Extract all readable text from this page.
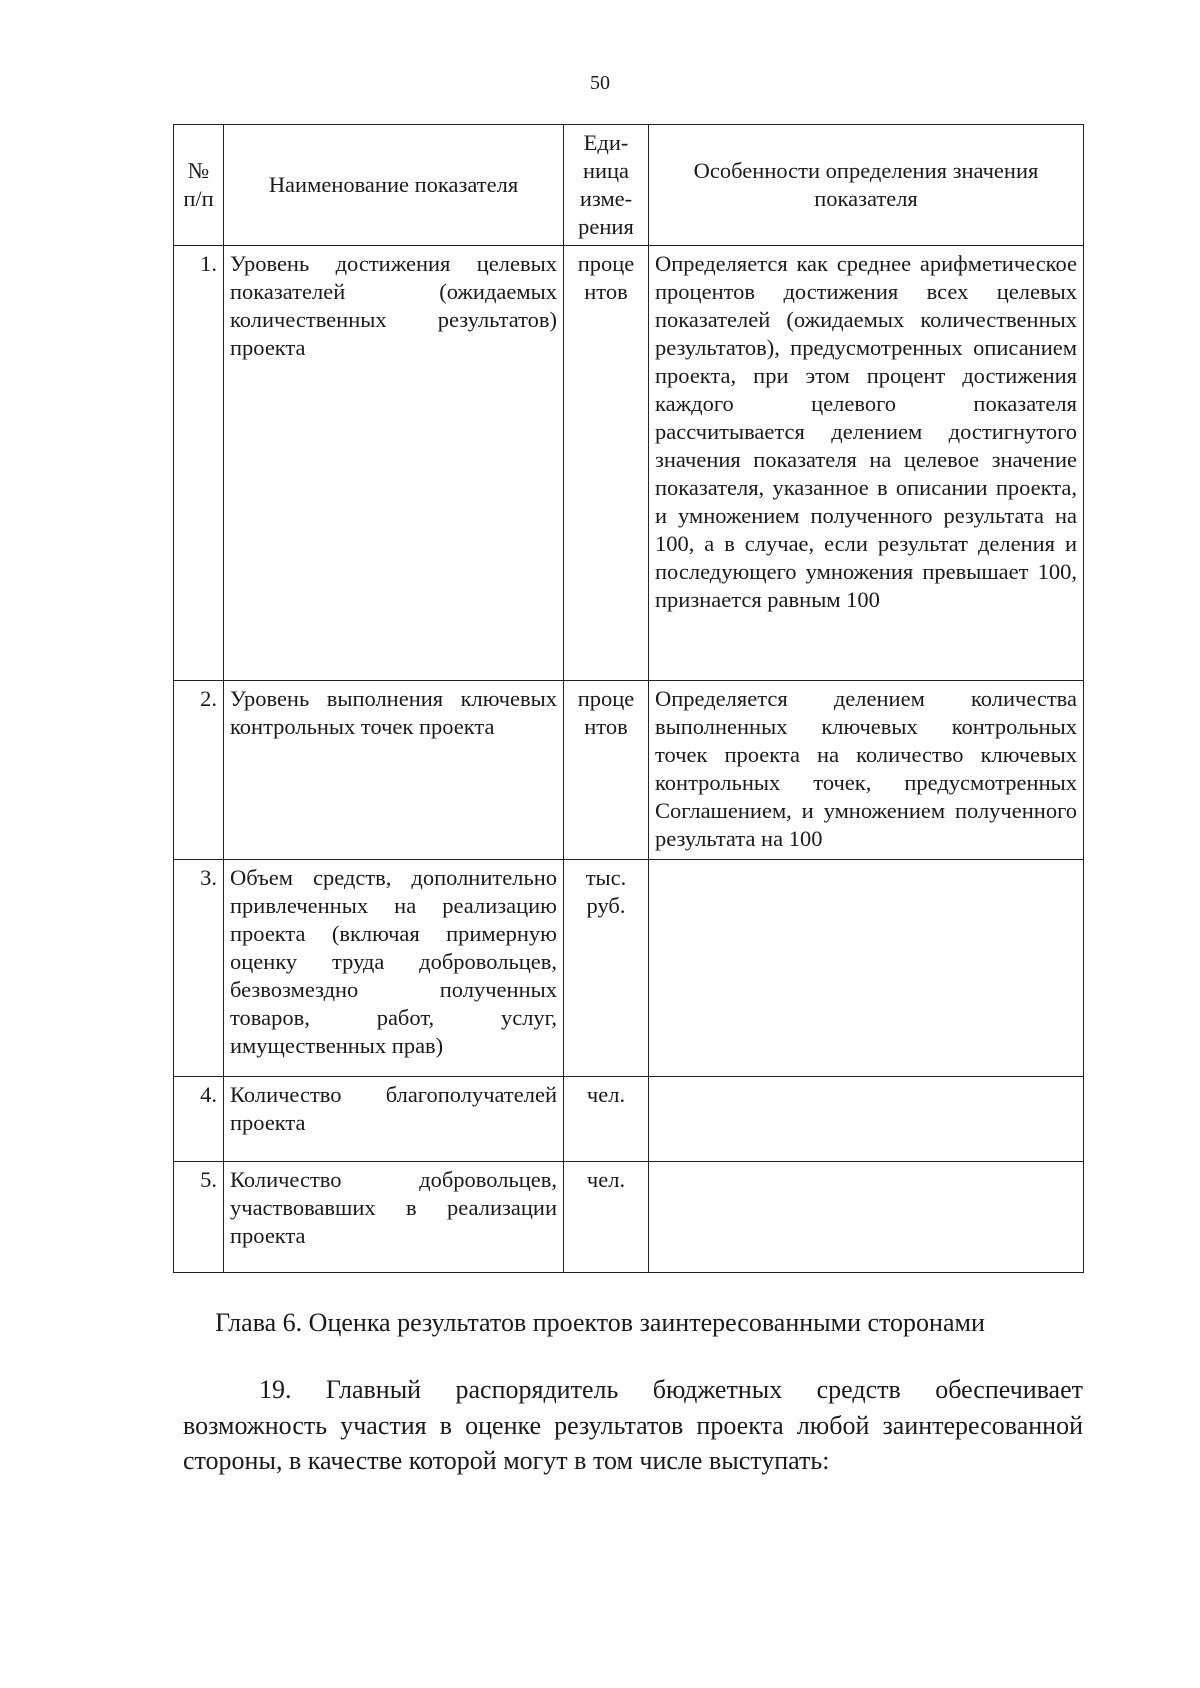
50
№ п/п	Наименование показателя	Еди-ница изме-рения	Особенности определения значения показателя
1.	Уровень достижения целевых показателей (ожидаемых количественных результатов) проекта	проце нтов	Определяется как среднее арифметическое процентов достижения всех целевых показателей (ожидаемых количественных результатов), предусмотренных описанием проекта, при этом процент достижения каждого целевого показателя рассчитывается делением достигнутого значения показателя на целевое значение показателя, указанное в описании проекта, и умножением полученного результата на 100, а в случае, если результат деления и последующего умножения превышает 100, признается равным 100
2.	Уровень выполнения ключевых контрольных точек проекта	проце нтов	Определяется делением количества выполненных ключевых контрольных точек проекта на количество ключевых контрольных точек, предусмотренных Соглашением, и умножением полученного результата на 100
3.	Объем средств, дополнительно привлеченных на реализацию проекта (включая примерную оценку труда добровольцев, безвозмездно полученных товаров, работ, услуг, имущественных прав)	тыс. руб.	
4.	Количество благополучателей проекта	чел.	
5.	Количество добровольцев, участвовавших в реализации проекта	чел.	
Глава 6. Оценка результатов проектов заинтересованными сторонами

19. Главный распорядитель бюджетных средств обеспечивает возможность участия в оценке результатов проекта любой заинтересованной стороны, в качестве которой могут в том числе выступать:
